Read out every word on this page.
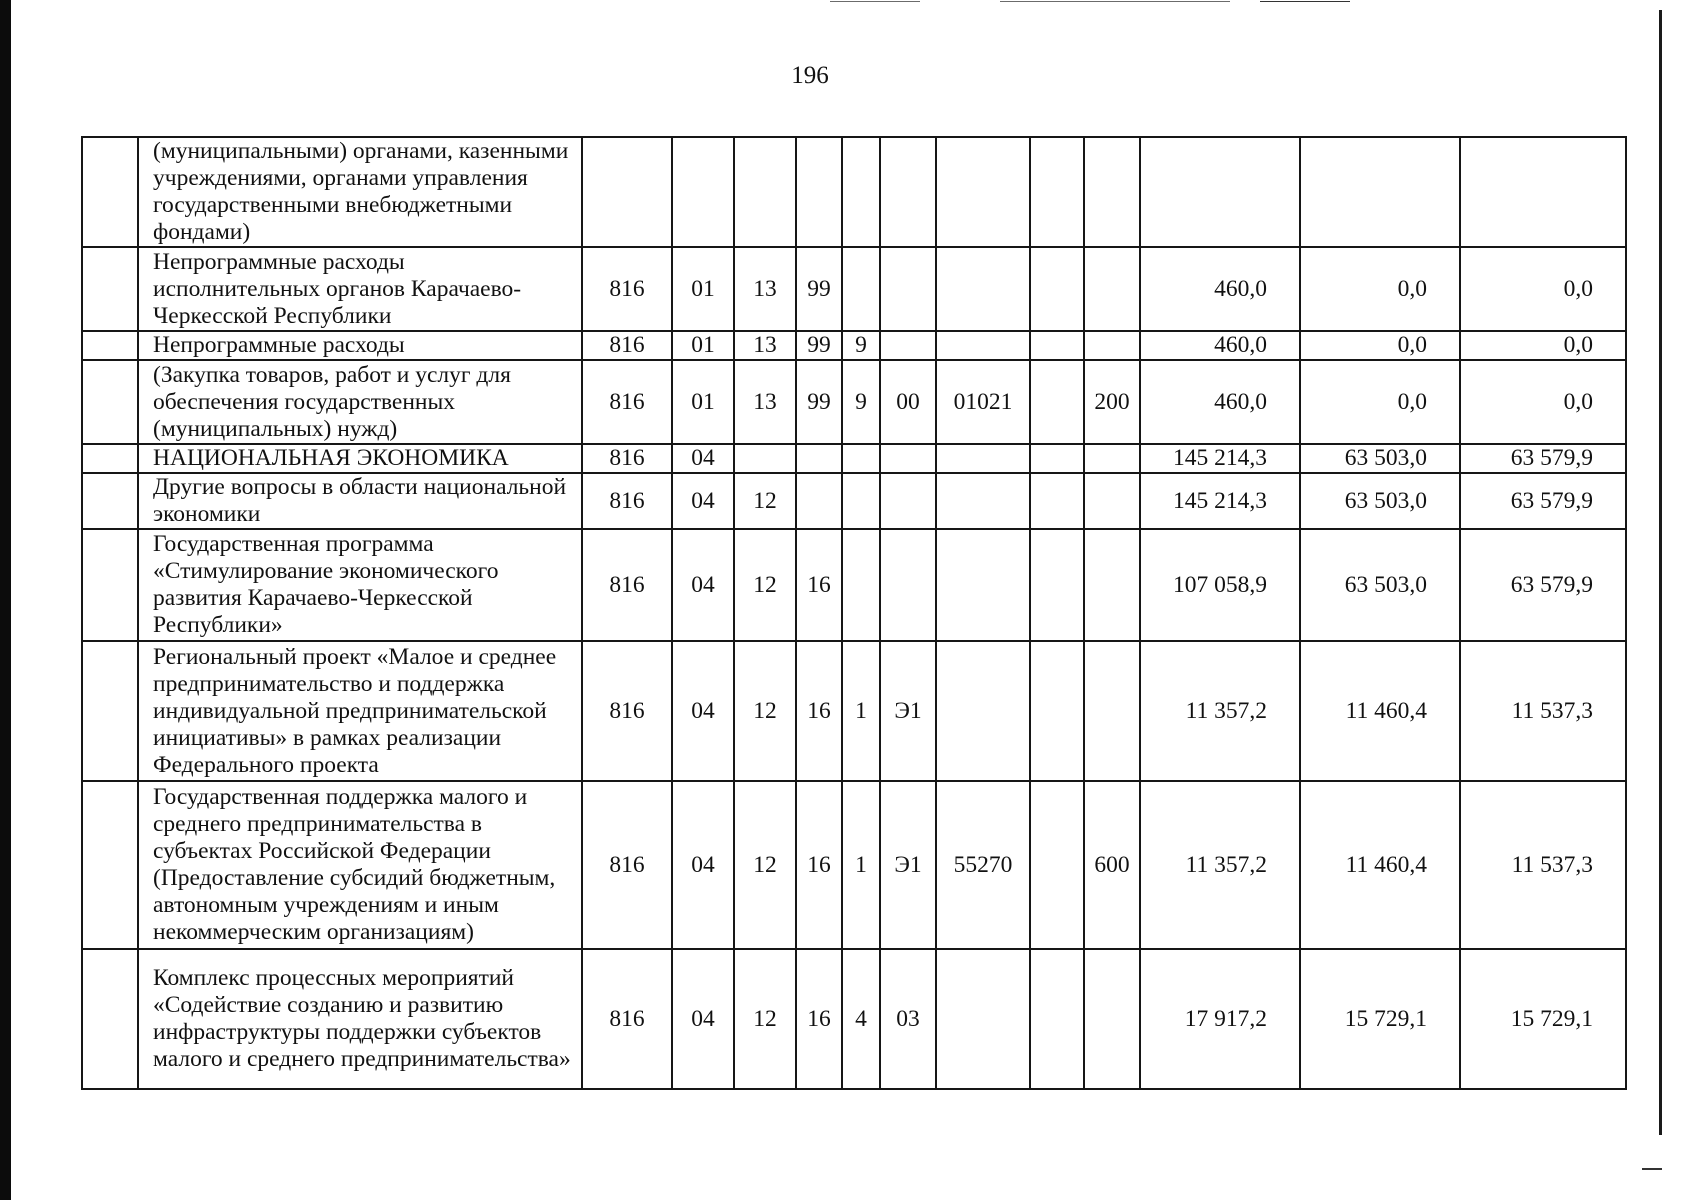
196
	(муниципальными) органами, казенными учреждениями, органами управления государственными внебюджетными фондами)												
	Непрограммные расходы исполнительных органов Карачаево-Черкесской Республики	816	01	13	99						460,0	0,0	0,0
	Непрограммные расходы	816	01	13	99	9					460,0	0,0	0,0
	(Закупка товаров, работ и услуг для обеспечения государственных (муниципальных) нужд)	816	01	13	99	9	00	01021		200	460,0	0,0	0,0
	НАЦИОНАЛЬНАЯ ЭКОНОМИКА	816	04								145 214,3	63 503,0	63 579,9
	Другие вопросы в области национальной экономики	816	04	12							145 214,3	63 503,0	63 579,9
	Государственная программа «Стимулирование экономического развития Карачаево-Черкесской Республики»	816	04	12	16						107 058,9	63 503,0	63 579,9
	Региональный проект «Малое и среднее предпринимательство и поддержка индивидуальной предпринимательской инициативы» в рамках реализации Федерального проекта	816	04	12	16	1	Э1				11 357,2	11 460,4	11 537,3
	Государственная поддержка малого и среднего предпринимательства в субъектах Российской Федерации (Предоставление субсидий бюджетным, автономным учреждениям и иным некоммерческим организациям)	816	04	12	16	1	Э1	55270		600	11 357,2	11 460,4	11 537,3
	Комплекс процессных мероприятий «Содействие созданию и развитию инфраструктуры поддержки субъектов малого и среднего предпринимательства»	816	04	12	16	4	03				17 917,2	15 729,1	15 729,1
